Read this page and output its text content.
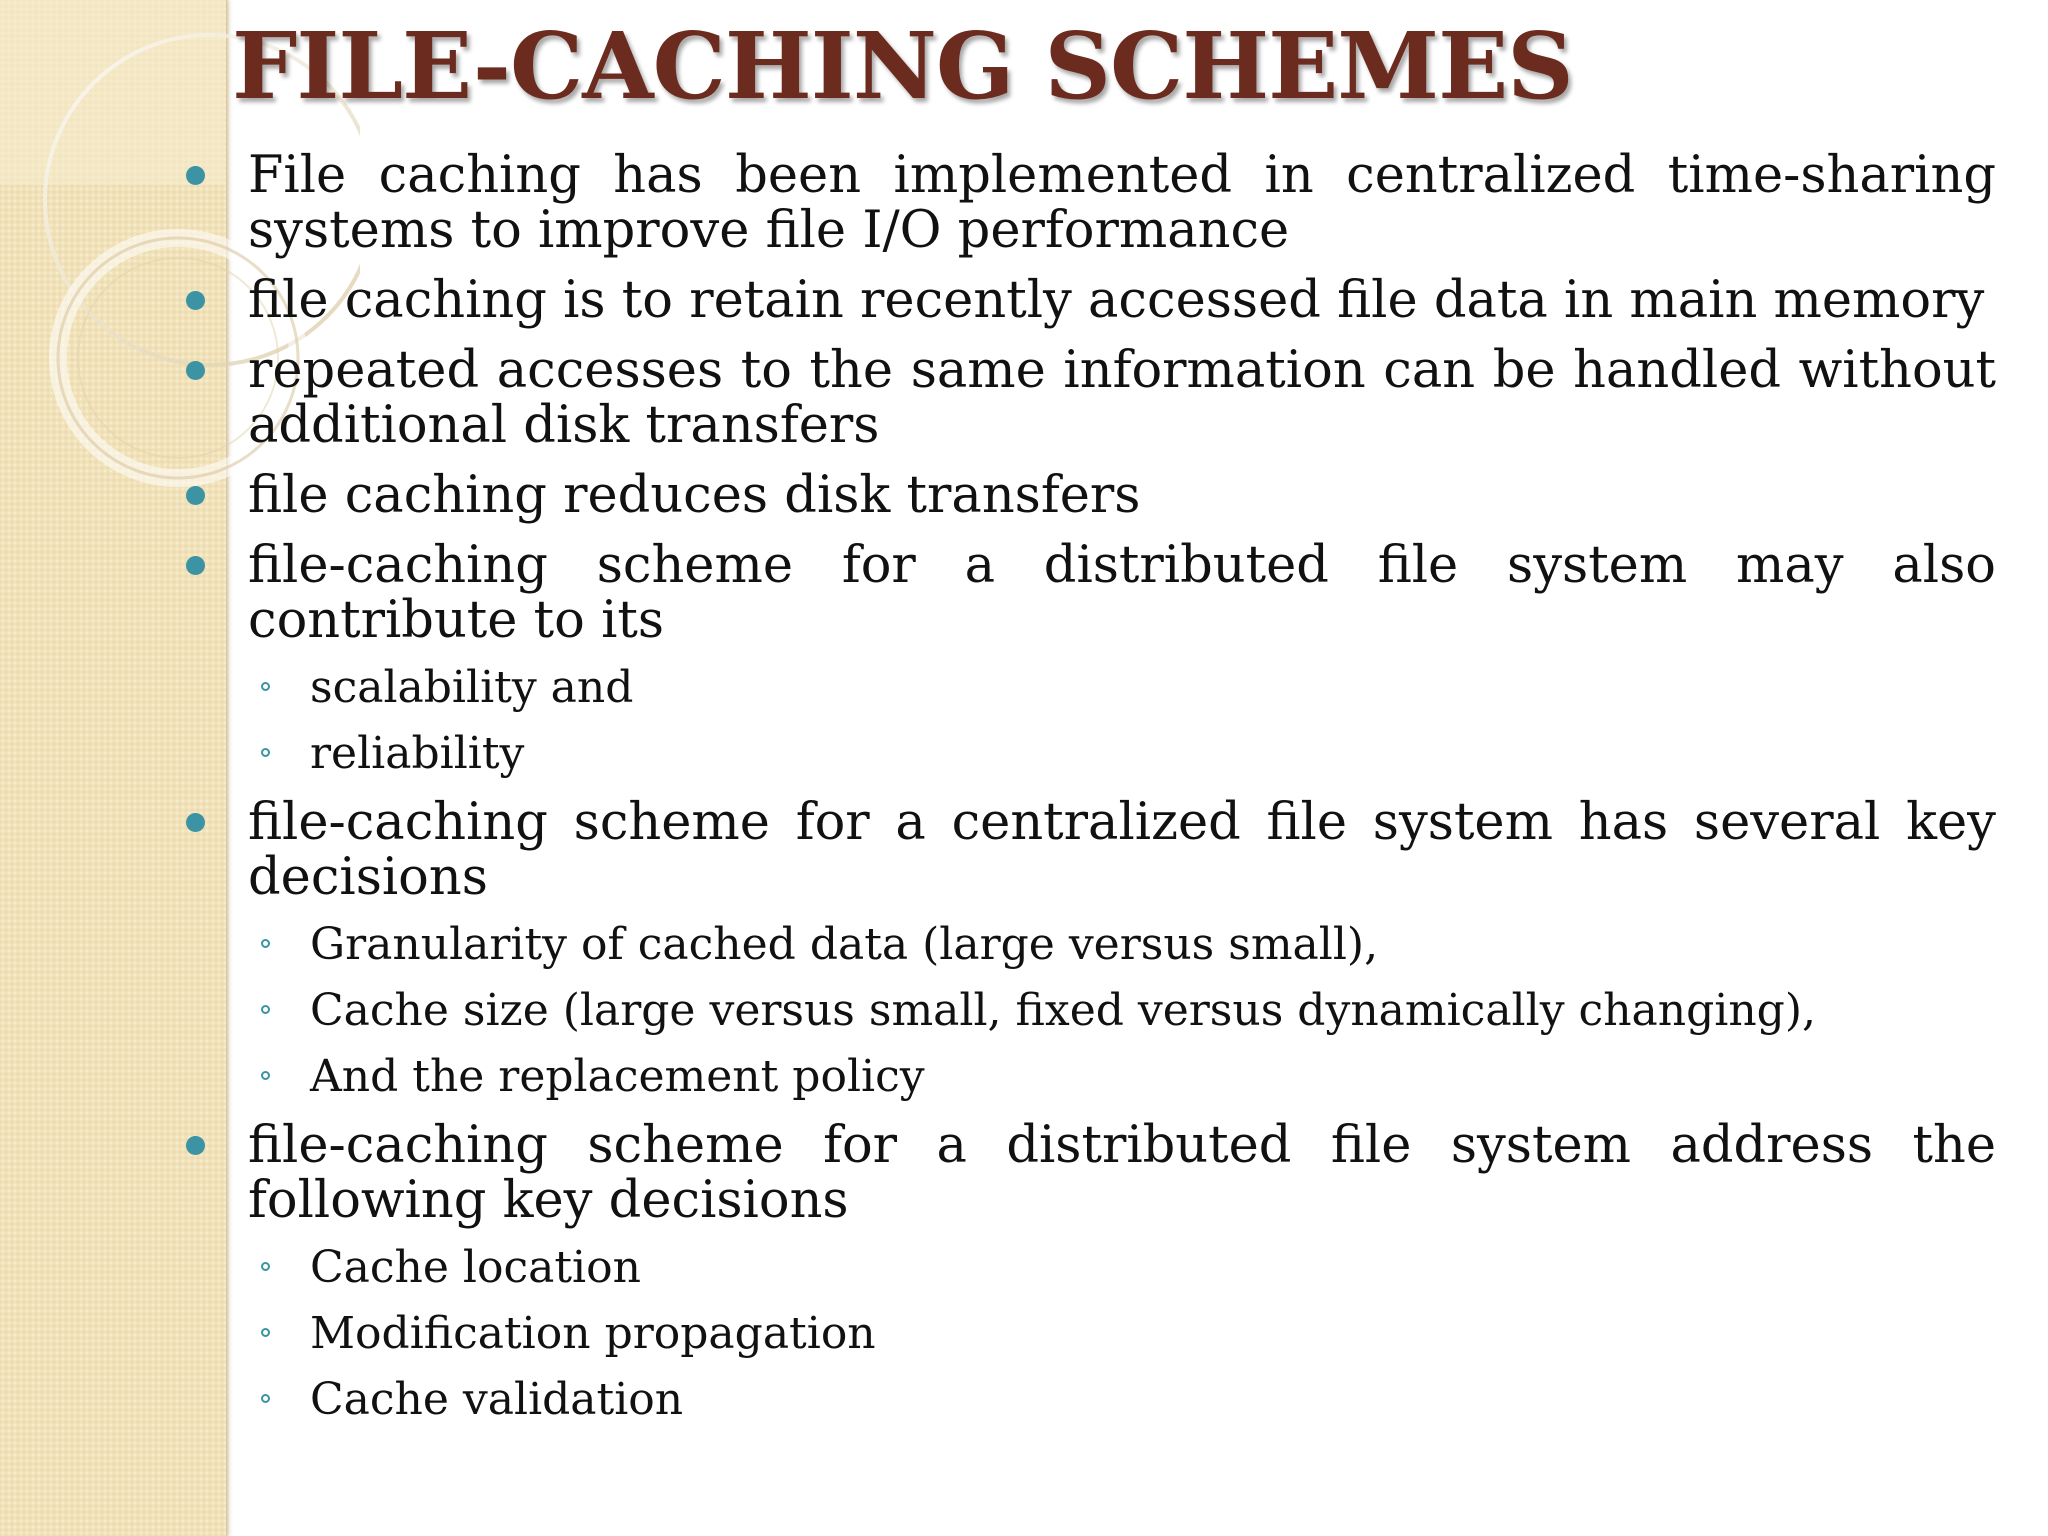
FILE-CACHING SCHEMES
File caching has been implemented in centralized time-sharing systems to improve file I/O performance
file caching is to retain recently accessed file data in main memory
repeated accesses to the same information can be handled without additional disk transfers
file caching reduces disk transfers
file-caching scheme for a distributed file system may also contribute to its
scalability and
reliability
file-caching scheme for a centralized file system has several key decisions
Granularity of cached data (large versus small),
Cache size (large versus small, fixed versus dynamically changing),
And the replacement policy
file-caching scheme for a distributed file system address the following key decisions
Cache location
Modification propagation
Cache validation
